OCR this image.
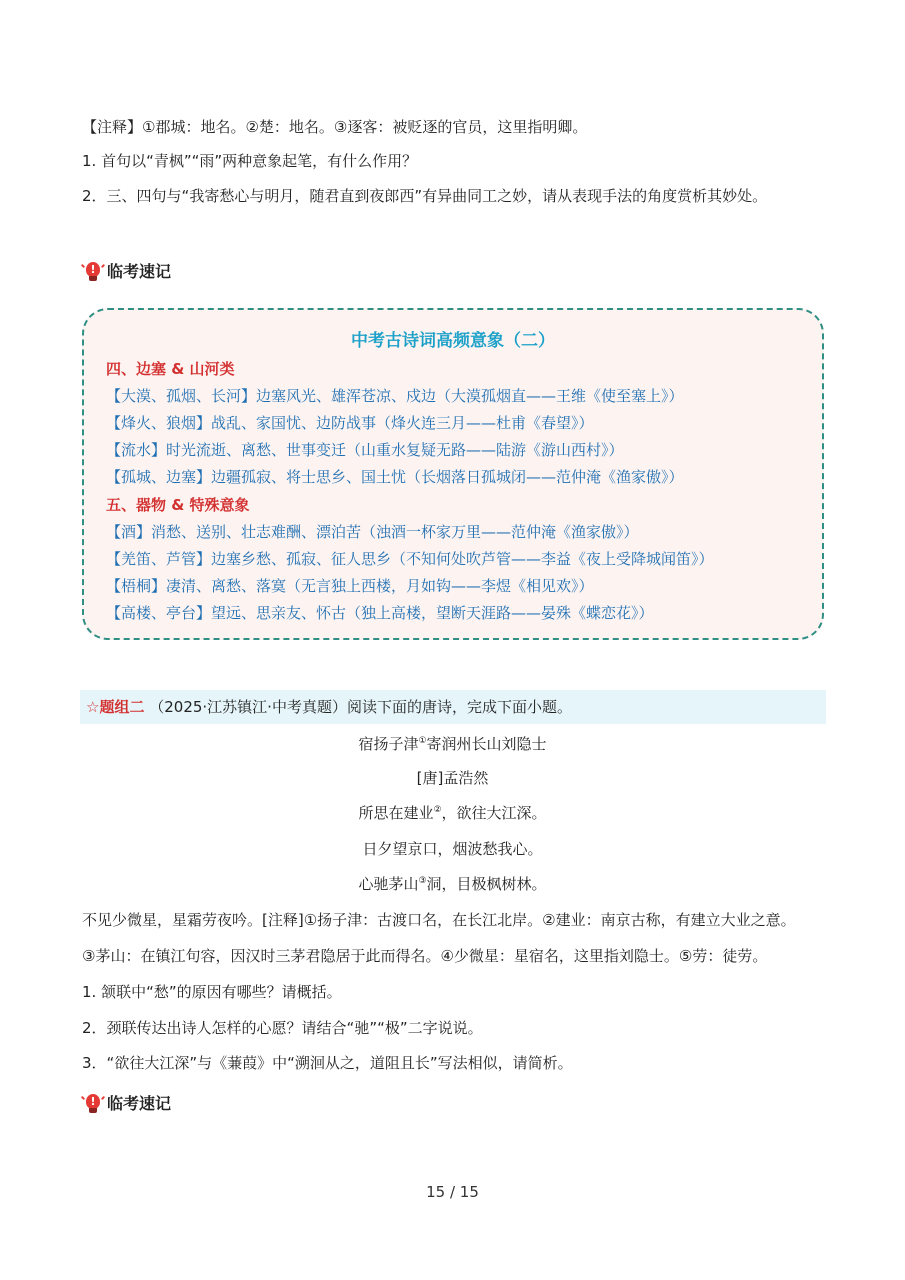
【注释】①郡城：地名。②楚：地名。③逐客：被贬逐的官员，这里指明卿。
1. 首句以“青枫”“雨”两种意象起笔，有什么作用？
2．三、四句与“我寄愁心与明月，随君直到夜郎西”有异曲同工之妙，请从表现手法的角度赏析其妙处。
! 临考速记
中考古诗词高频意象（二）
四、边塞 & 山河类
【大漠、孤烟、长河】边塞风光、雄浑苍凉、戍边（大漠孤烟直——王维《使至塞上》）
【烽火、狼烟】战乱、家国忧、边防战事（烽火连三月——杜甫《春望》）
【流水】时光流逝、离愁、世事变迁（山重水复疑无路——陆游《游山西村》）
【孤城、边塞】边疆孤寂、将士思乡、国土忧（长烟落日孤城闭——范仲淹《渔家傲》）
五、器物 & 特殊意象
【酒】消愁、送别、壮志难酬、漂泊苦（浊酒一杯家万里——范仲淹《渔家傲》）
【羌笛、芦管】边塞乡愁、孤寂、征人思乡（不知何处吹芦管——李益《夜上受降城闻笛》）
【梧桐】凄清、离愁、落寞（无言独上西楼，月如钩——李煜《相见欢》）
【高楼、亭台】望远、思亲友、怀古（独上高楼，望断天涯路——晏殊《蝶恋花》）
☆题组二 （2025·江苏镇江·中考真题）阅读下面的唐诗，完成下面小题。
宿扬子津①寄润州长山刘隐士
[唐]孟浩然
所思在建业②，欲往大江深。
日夕望京口，烟波愁我心。
心驰茅山③洞，目极枫树林。
不见少微星，星霜劳夜吟。[注释]①扬子津：古渡口名，在长江北岸。②建业：南京古称，有建立大业之意。
③茅山：在镇江句容，因汉时三茅君隐居于此而得名。④少微星：星宿名，这里指刘隐士。⑤劳：徒劳。
1. 颔联中“愁”的原因有哪些？请概括。
2．颈联传达出诗人怎样的心愿？请结合“驰”“极”二字说说。
3．“欲往大江深”与《蒹葭》中“溯洄从之，道阻且长”写法相似，请简析。
! 临考速记
15 / 15
